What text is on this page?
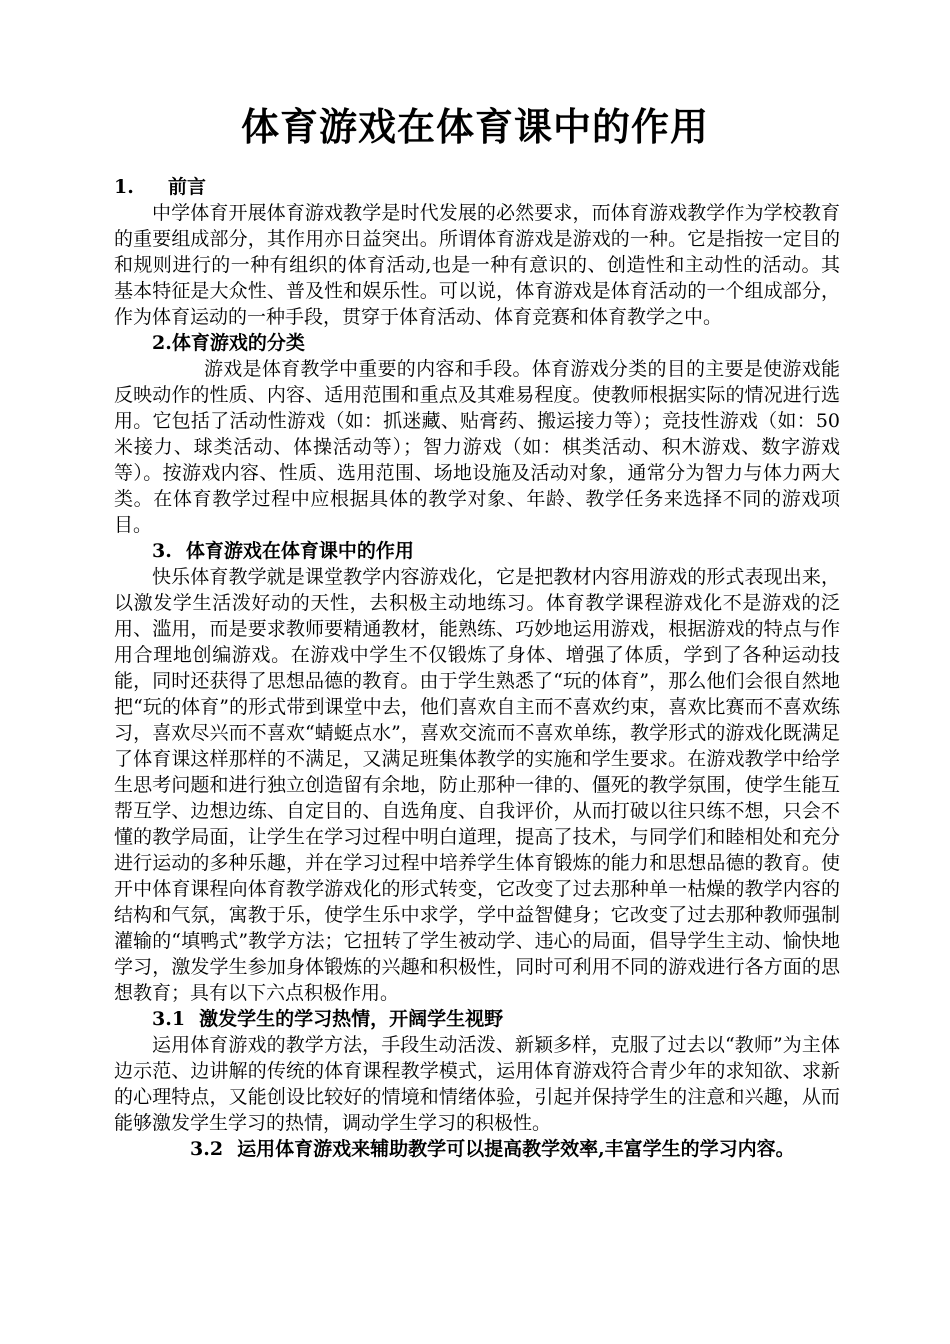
体育游戏在体育课中的作用

1. 前言

中学体育开展体育游戏教学是时代发展的必然要求，而体育游戏教学作为学校教育的重要组成部分，其作用亦日益突出。所谓体育游戏是游戏的一种。它是指按一定目的和规则进行的一种有组织的体育活动,也是一种有意识的、创造性和主动性的活动。其基本特征是大众性、普及性和娱乐性。可以说，体育游戏是体育活动的一个组成部分，作为体育运动的一种手段，贯穿于体育活动、体育竞赛和体育教学之中。

2.体育游戏的分类

游戏是体育教学中重要的内容和手段。体育游戏分类的目的主要是使游戏能反映动作的性质、内容、适用范围和重点及其难易程度。使教师根据实际的情况进行选用。它包括了活动性游戏（如：抓迷藏、贴膏药、搬运接力等）；竞技性游戏（如：50米接力、球类活动、体操活动等）；智力游戏（如：棋类活动、积木游戏、数字游戏等）。按游戏内容、性质、选用范围、场地设施及活动对象，通常分为智力与体力两大类。在体育教学过程中应根据具体的教学对象、年龄、教学任务来选择不同的游戏项目。

3. 体育游戏在体育课中的作用

快乐体育教学就是课堂教学内容游戏化，它是把教材内容用游戏的形式表现出来，以激发学生活泼好动的天性，去积极主动地练习。体育教学课程游戏化不是游戏的泛用、滥用，而是要求教师要精通教材，能熟练、巧妙地运用游戏，根据游戏的特点与作用合理地创编游戏。在游戏中学生不仅锻炼了身体、增强了体质，学到了各种运动技能，同时还获得了思想品德的教育。由于学生熟悉了“玩的体育”，那么他们会很自然地把“玩的体育”的形式带到课堂中去，他们喜欢自主而不喜欢约束，喜欢比赛而不喜欢练习，喜欢尽兴而不喜欢“蜻蜓点水”，喜欢交流而不喜欢单练，教学形式的游戏化既满足了体育课这样那样的不满足，又满足班集体教学的实施和学生要求。在游戏教学中给学生思考问题和进行独立创造留有余地，防止那种一律的、僵死的教学氛围，使学生能互帮互学、边想边练、自定目的、自选角度、自我评价，从而打破以往只练不想，只会不懂的教学局面，让学生在学习过程中明白道理，提高了技术，与同学们和睦相处和充分进行运动的多种乐趣，并在学习过程中培养学生体育锻炼的能力和思想品德的教育。使开中体育课程向体育教学游戏化的形式转变，它改变了过去那种单一枯燥的教学内容的结构和气氛，寓教于乐，使学生乐中求学，学中益智健身；它改变了过去那种教师强制灌输的“填鸭式”教学方法；它扭转了学生被动学、违心的局面，倡导学生主动、愉快地学习，激发学生参加身体锻炼的兴趣和积极性，同时可利用不同的游戏进行各方面的思想教育；具有以下六点积极作用。

3.1 激发学生的学习热情，开阔学生视野

运用体育游戏的教学方法，手段生动活泼、新颖多样，克服了过去以“教师”为主体边示范、边讲解的传统的体育课程教学模式，运用体育游戏符合青少年的求知欲、求新的心理特点，又能创设比较好的情境和情绪体验，引起并保持学生的注意和兴趣，从而能够激发学生学习的热情，调动学生学习的积极性。

3.2 运用体育游戏来辅助教学可以提高教学效率,丰富学生的学习内容。
